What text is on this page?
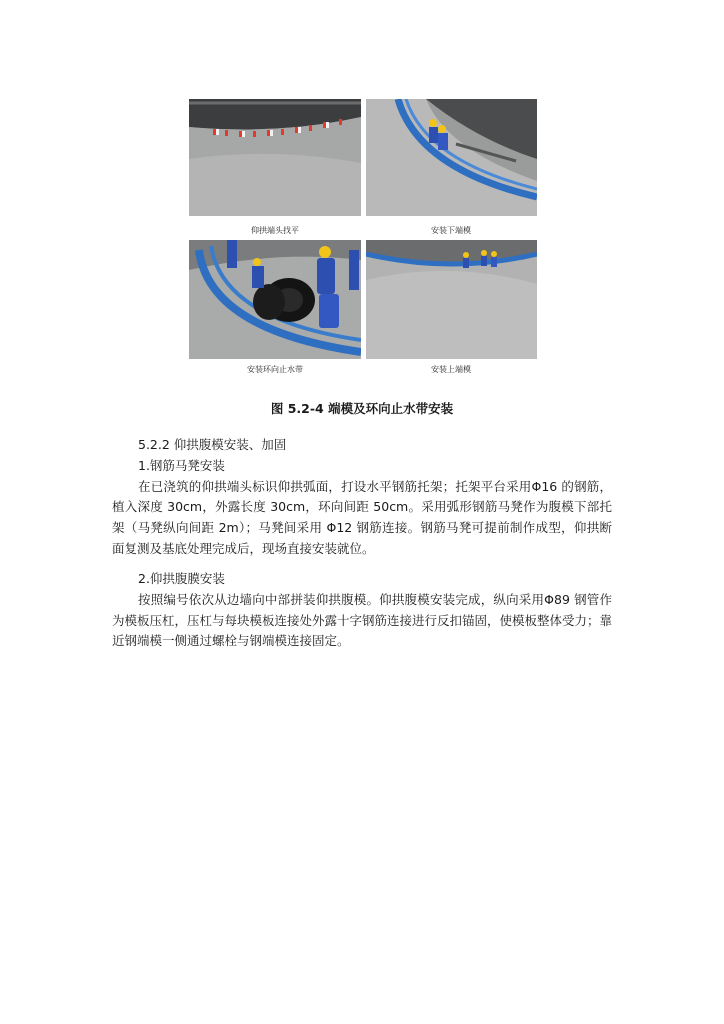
仰拱端头找平	安装下端模
安装环向止水带	安装上端模
图 5.2-4 端模及环向止水带安装
5.2.2 仰拱腹模安装、加固
1.钢筋马凳安装
在已浇筑的仰拱端头标识仰拱弧面，打设水平钢筋托架；托架平台采用Φ16 的钢筋，植入深度 30cm，外露长度 30cm，环向间距 50cm。采用弧形钢筋马凳作为腹模下部托架（马凳纵向间距 2m）；马凳间采用 Φ12 钢筋连接。钢筋马凳可提前制作成型，仰拱断面复测及基底处理完成后，现场直接安装就位。
2.仰拱腹膜安装
按照编号依次从边墙向中部拼装仰拱腹模。仰拱腹模安装完成，纵向采用Φ89 钢管作为模板压杠，压杠与每块模板连接处外露十字钢筋连接进行反扣锚固，使模板整体受力；靠近钢端模一侧通过螺栓与钢端模连接固定。
